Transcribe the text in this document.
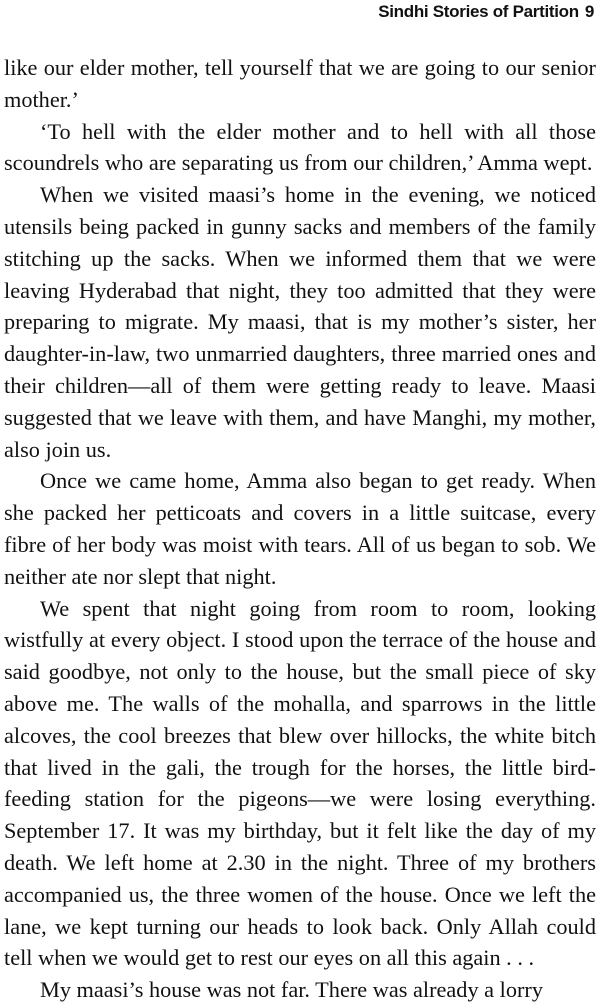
Sindhi Stories of Partition 9

like our elder mother, tell yourself that we are going to our senior mother.’

‘To hell with the elder mother and to hell with all those scoundrels who are separating us from our children,’ Amma wept.

When we visited maasi’s home in the evening, we noticed utensils being packed in gunny sacks and members of the family stitching up the sacks. When we informed them that we were leaving Hyderabad that night, they too admitted that they were preparing to migrate. My maasi, that is my mother’s sister, her daughter-in-law, two unmarried daughters, three married ones and their children—all of them were getting ready to leave. Maasi suggested that we leave with them, and have Manghi, my mother, also join us.

Once we came home, Amma also began to get ready. When she packed her petticoats and covers in a little suitcase, every fibre of her body was moist with tears. All of us began to sob. We neither ate nor slept that night.

We spent that night going from room to room, looking wistfully at every object. I stood upon the terrace of the house and said goodbye, not only to the house, but the small piece of sky above me. The walls of the mohalla, and sparrows in the little alcoves, the cool breezes that blew over hillocks, the white bitch that lived in the gali, the trough for the horses, the little bird-feeding station for the pigeons—we were losing everything. September 17. It was my birthday, but it felt like the day of my death. We left home at 2.30 in the night. Three of my brothers accompanied us, the three women of the house. Once we left the lane, we kept turning our heads to look back. Only Allah could tell when we would get to rest our eyes on all this again . . .

My maasi’s house was not far. There was already a lorry
